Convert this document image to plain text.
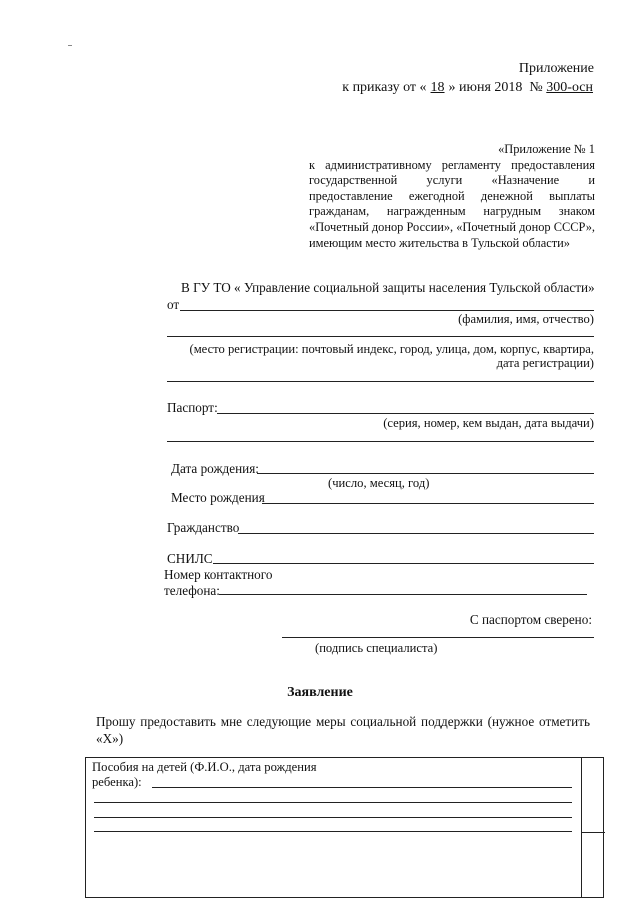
Приложение
к приказу от « 18 » июня 2018 № 300-осн
«Приложение № 1
к административному регламенту предоставления государственной услуги «Назначение и предоставление ежегодной денежной выплаты гражданам, награжденным нагрудным знаком «Почетный донор России», «Почетный донор СССР», имеющим место жительства в Тульской области»
В ГУ ТО « Управление социальной защиты населения Тульской области»
от
(фамилия, имя, отчество)
(место регистрации: почтовый индекс, город, улица, дом, корпус, квартира,
дата регистрации)
Паспорт:
(серия, номер, кем выдан, дата выдачи)
Дата рождения:
(число, месяц, год)
Место рождения
Гражданство
СНИЛС
Номер контактного
телефона:
С паспортом сверено:
(подпись специалиста)
Заявление
Прошу предоставить мне следующие меры социальной поддержки (нужное отметить «Х»)
Пособия на детей (Ф.И.О., дата рождения ребенка):
